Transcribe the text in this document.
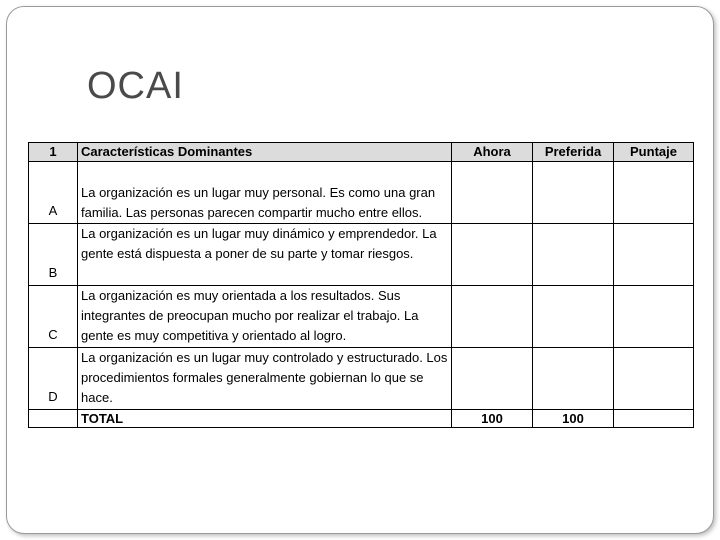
OCAI
1	Características Dominantes	Ahora	Preferida	Puntaje
A	La organización es un lugar muy personal. Es como una gran familia. Las personas parecen compartir mucho entre ellos.			
B	La organización es un lugar muy dinámico y emprendedor. La gente está dispuesta a poner de su parte y tomar riesgos.			
C	La organización es muy orientada a los resultados. Sus integrantes de preocupan mucho por realizar el trabajo. La gente es muy competitiva y orientado al logro.			
D	La organización es un lugar muy controlado y estructurado. Los procedimientos formales generalmente gobiernan lo que se hace.			
	TOTAL	100	100	
